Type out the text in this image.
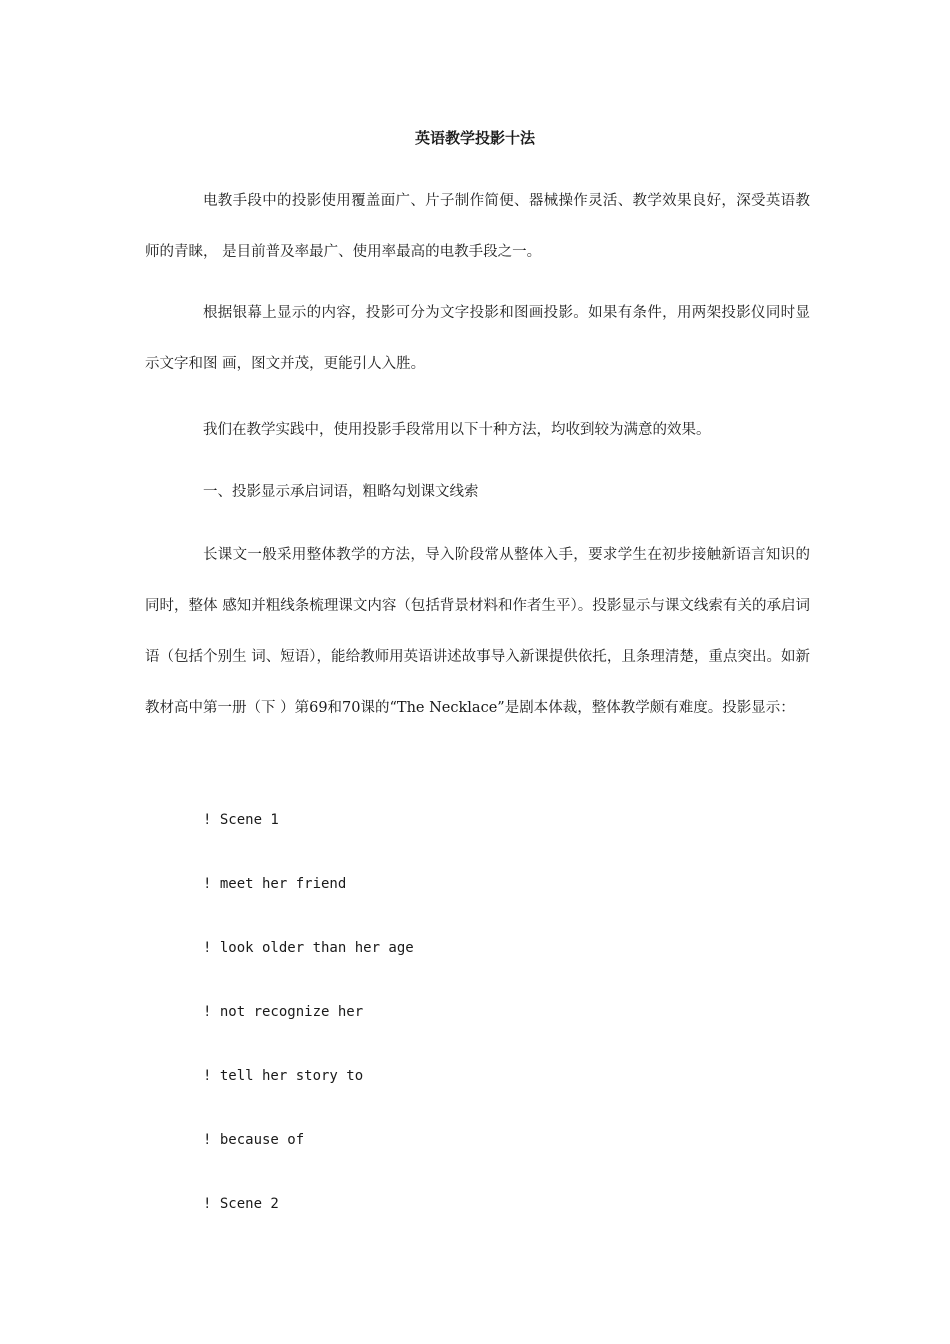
英语教学投影十法

电教手段中的投影使用覆盖面广、片子制作简便、器械操作灵活、教学效果良好，深受英语教师的青睐， 是目前普及率最广、使用率最高的电教手段之一。

根据银幕上显示的内容，投影可分为文字投影和图画投影。如果有条件，用两架投影仪同时显示文字和图 画，图文并茂，更能引人入胜。

我们在教学实践中，使用投影手段常用以下十种方法，均收到较为满意的效果。

一、投影显示承启词语，粗略勾划课文线索

长课文一般采用整体教学的方法，导入阶段常从整体入手，要求学生在初步接触新语言知识的同时，整体 感知并粗线条梳理课文内容（包括背景材料和作者生平）。投影显示与课文线索有关的承启词语（包括个别生 词、短语），能给教师用英语讲述故事导入新课提供依托，且条理清楚，重点突出。如新教材高中第一册（下 ）第69和70课的“The Necklace”是剧本体裁，整体教学颇有难度。投影显示：

! Scene 1
! meet her friend
! look older than her age
! not recognize her
! tell her story to
! because of
! Scene 2
